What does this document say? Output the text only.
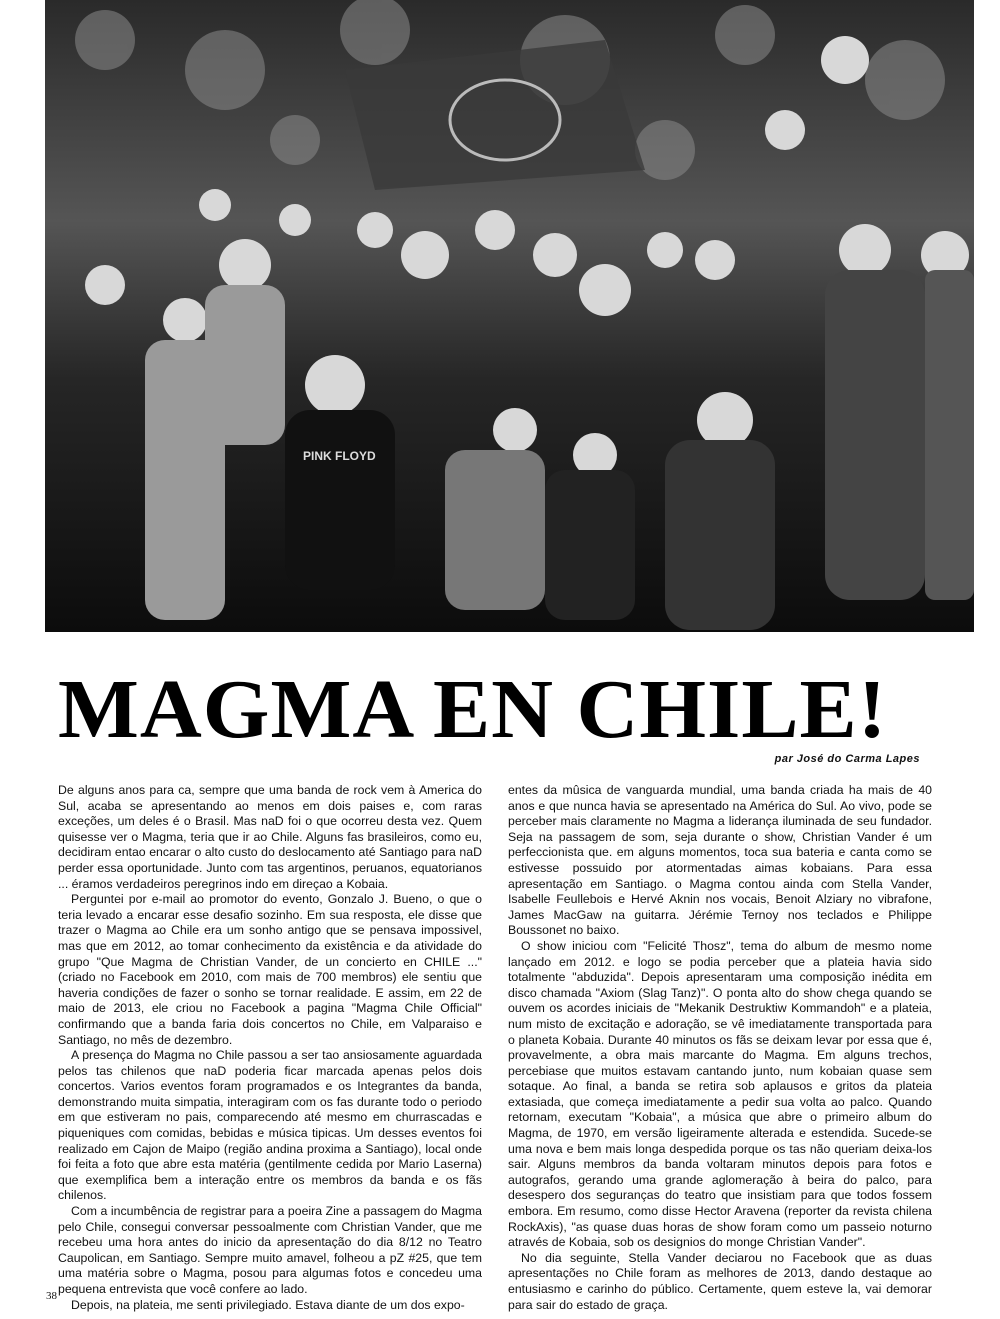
PINK FLOYD
MAGMA EN CHILE!
par José do Carma Lapes

De alguns anos para ca, sempre que uma banda de rock vem à America do Sul, acaba se apresentando ao menos em dois paises e, com raras exceções, um deles é o Brasil. Mas naD foi o que ocorreu desta vez. Quem quisesse ver o Magma, teria que ir ao Chile. Alguns fas brasileiros, como eu, decidiram entao encarar o alto custo do deslocamento até Santiago para naD perder essa oportunidade. Junto com tas argentinos, peruanos, equatorianos ... éramos verdadeiros peregrinos indo em direçao a Kobaia.

Perguntei por e-mail ao promotor do evento, Gonzalo J. Bueno, o que o teria levado a encarar esse desafio sozinho. Em sua resposta, ele disse que trazer o Magma ao Chile era um sonho antigo que se pensava impossivel, mas que em 2012, ao tomar conhecimento da existência e da atividade do grupo "Que Magma de Christian Vander, de un concierto en CHILE ..." (criado no Facebook em 2010, com mais de 700 membros) ele sentiu que haveria condições de fazer o sonho se tornar realidade. E assim, em 22 de maio de 2013, ele criou no Facebook a pagina "Magma Chile Official" confirmando que a banda faria dois concertos no Chile, em Valparaiso e Santiago, no mês de dezembro.

A presença do Magma no Chile passou a ser tao ansiosamente aguardada pelos tas chilenos que naD poderia ficar marcada apenas pelos dois concertos. Varios eventos foram programados e os Integrantes da banda, demonstrando muita simpatia, interagiram com os fas durante todo o periodo em que estiveram no pais, comparecendo até mesmo em churrascadas e piqueniques com comidas, bebidas e música tipicas. Um desses eventos foi realizado em Cajon de Maipo (região andina proxima a Santiago), local onde foi feita a foto que abre esta matéria (gentilmente cedida por Mario Laserna) que exemplifica bem a interação entre os membros da banda e os fãs chilenos.

Com a incumbência de registrar para a poeira Zine a passagem do Magma pelo Chile, consegui conversar pessoalmente com Christian Vander, que me recebeu uma hora antes do inicio da apresentação do dia 8/12 no Teatro Caupolican, em Santiago. Sempre muito amavel, folheou a pZ #25, que tem uma matéria sobre o Magma, posou para algumas fotos e concedeu uma pequena entrevista que você confere ao lado.

Depois, na plateia, me senti privilegiado. Estava diante de um dos expo-

entes da mûsica de vanguarda mundial, uma banda criada ha mais de 40 anos e que nunca havia se apresentado na América do Sul. Ao vivo, pode se perceber mais claramente no Magma a liderança iluminada de seu fundador. Seja na passagem de som, seja durante o show, Christian Vander é um perfeccionista que. em alguns momentos, toca sua bateria e canta como se estivesse possuido por atormentadas aimas kobaians. Para essa apresentação em Santiago. o Magma contou ainda com Stella Vander, Isabelle Feullebois e Hervé Aknin nos vocais, Benoit Alziary no vibrafone, James MacGaw na guitarra. Jérémie Ternoy nos teclados e Philippe Boussonet no baixo.

O show iniciou com "Felicité Thosz", tema do album de mesmo nome lançado em 2012. e logo se podia perceber que a plateia havia sido totalmente "abduzida". Depois apresentaram uma composição inédita em disco chamada "Axiom (Slag Tanz)". O ponta alto do show chega quando se ouvem os acordes iniciais de "Mekanik Destruktiw Kommandoh" e a plateia, num misto de excitação e adoração, se vê imediatamente transportada para o planeta Kobaia. Durante 40 minutos os fãs se deixam levar por essa que é, provavelmente, a obra mais marcante do Magma. Em alguns trechos, percebiase que muitos estavam cantando junto, num kobaian quase sem sotaque. Ao final, a banda se retira sob aplausos e gritos da plateia extasiada, que começa imediatamente a pedir sua volta ao palco. Quando retornam, executam "Kobaia", a música que abre o primeiro album do Magma, de 1970, em versão ligeiramente alterada e estendida. Sucede-se uma nova e bem mais longa despedida porque os tas não queriam deixa-los sair. Alguns membros da banda voltaram minutos depois para fotos e autografos, gerando uma grande aglomeração à beira do palco, para desespero dos seguranças do teatro que insistiam para que todos fossem embora. Em resumo, como disse Hector Aravena (reporter da revista chilena RockAxis), "as quase duas horas de show foram como um passeio noturno através de Kobaia, sob os designios do monge Christian Vander".

No dia seguinte, Stella Vander deciarou no Facebook que as duas apresentações no Chile foram as melhores de 2013, dando destaque ao entusiasmo e carinho do público. Certamente, quem esteve la, vai demorar para sair do estado de graça.

38
